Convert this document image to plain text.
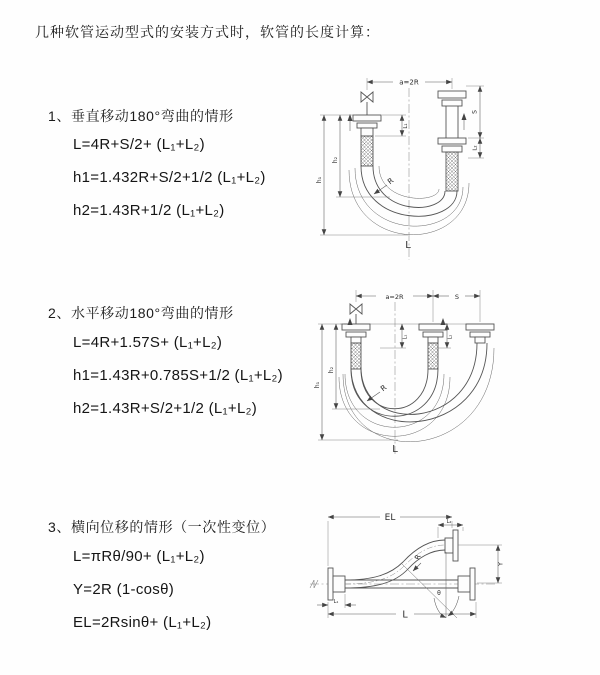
几种软管运动型式的安装方式时，软管的长度计算：
1、垂直移动180°弯曲的情形
L=4R+S/2+ (L₁+L₂)
h1=1.432R+S/2+1/2 (L₁+L₂)
h2=1.43R+1/2 (L₁+L₂)
2、水平移动180°弯曲的情形
L=4R+1.57S+ (L₁+L₂)
h1=1.43R+0.785S+1/2 (L₁+L₂)
h2=1.43R+S/2+1/2 (L₁+L₂)
3、横向位移的情形（一次性变位）
L=πRθ/90+ (L₁+L₂)
Y=2R (1-cosθ)
EL=2Rsinθ+ (L₁+L₂)
a=2R
h₁
h₂
L₁
S
L₂
R
L
a=2R	S
h₁
h₂
L₁	L₂
R
L
EL	L₂
Y
L
L₁
θ
R
